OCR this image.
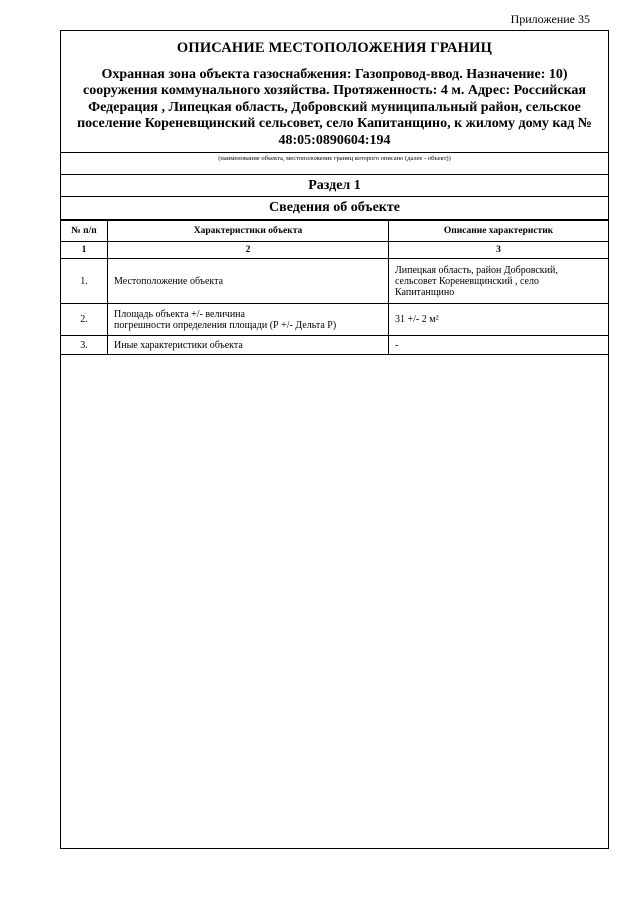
Приложение 35
ОПИСАНИЕ МЕСТОПОЛОЖЕНИЯ ГРАНИЦ
Охранная зона объекта газоснабжения: Газопровод-ввод. Назначение: 10)
сооружения коммунального хозяйства. Протяженность: 4 м. Адрес: Российская
Федерация , Липецкая область, Добровский муниципальный район, сельское
поселение Кореневщинский сельсовет, село Капитанщино, к жилому дому кад №
48:05:0890604:194
(наименование объекта, местоположение границ которого описано (далее - объект))
Раздел 1
Сведения об объекте
№ п/п	Характеристики объекта	Описание характеристик
1	2	3
1.	Местоположение объекта	Липецкая область, район Добровский,
сельсовет Кореневщинский , село
Капитанщино

2.	Площадь объекта +/- величина
погрешности определения площади (Р +/- Дельта Р)	31 +/- 2 м²

3.	Иные характеристики объекта	-
